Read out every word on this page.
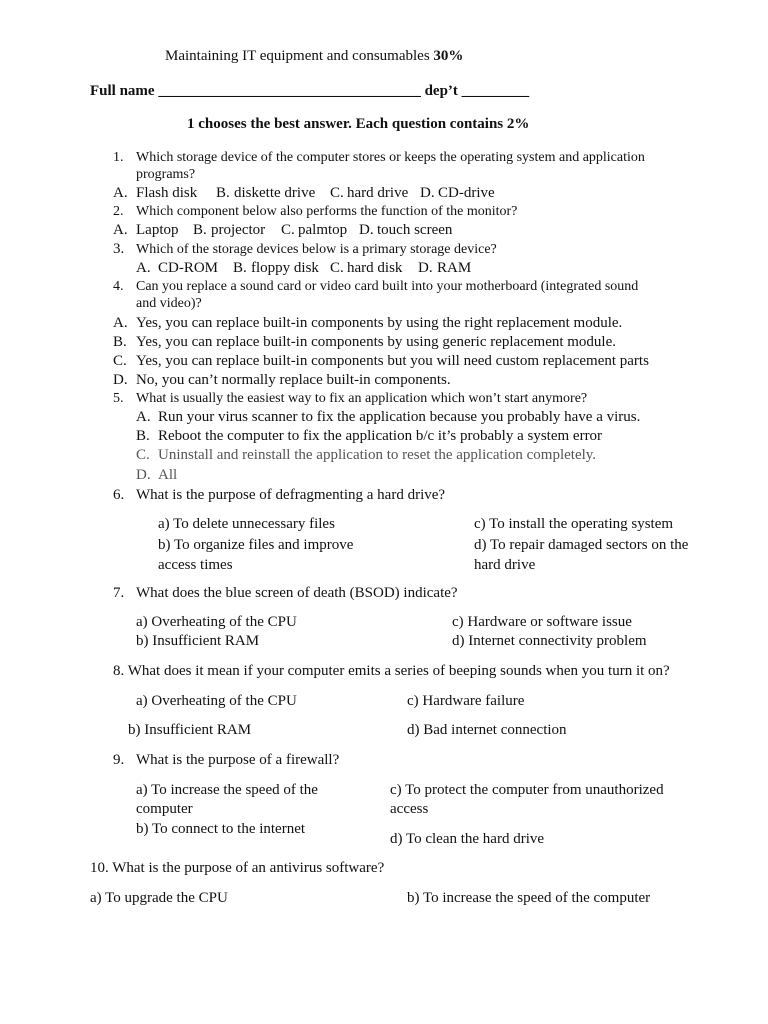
Maintaining IT equipment and consumables 30%
Full name ___________________________________ dep’t _________
1 chooses the best answer. Each question contains 2%
1. Which storage device of the computer stores or keeps the operating system and application programs?
A. Flash disk B. diskette drive C. hard drive D. CD-drive
2. Which component below also performs the function of the monitor?
A. Laptop B. projector C. palmtop D. touch screen
3. Which of the storage devices below is a primary storage device?
A. CD-ROM B. floppy disk C. hard disk D. RAM
4. Can you replace a sound card or video card built into your motherboard (integrated sound and video)?
A. Yes, you can replace built-in components by using the right replacement module.
B. Yes, you can replace built-in components by using generic replacement module.
C. Yes, you can replace built-in components but you will need custom replacement parts
D. No, you can’t normally replace built-in components.
5. What is usually the easiest way to fix an application which won’t start anymore?
A. Run your virus scanner to fix the application because you probably have a virus.
B. Reboot the computer to fix the application b/c it’s probably a system error
C. Uninstall and reinstall the application to reset the application completely.
D. All
6. What is the purpose of defragmenting a hard drive?
a) To delete unnecessary files
b) To organize files and improve access times
c) To install the operating system
d) To repair damaged sectors on the hard drive
7. What does the blue screen of death (BSOD) indicate?
a) Overheating of the CPU
b) Insufficient RAM
c) Hardware or software issue
d) Internet connectivity problem
8. What does it mean if your computer emits a series of beeping sounds when you turn it on?
a) Overheating of the CPU
b) Insufficient RAM
c) Hardware failure
d) Bad internet connection
9. What is the purpose of a firewall?
a) To increase the speed of the computer
b) To connect to the internet
c) To protect the computer from unauthorized access
d) To clean the hard drive
10. What is the purpose of an antivirus software?
a) To upgrade the CPU	b) To increase the speed of the computer
